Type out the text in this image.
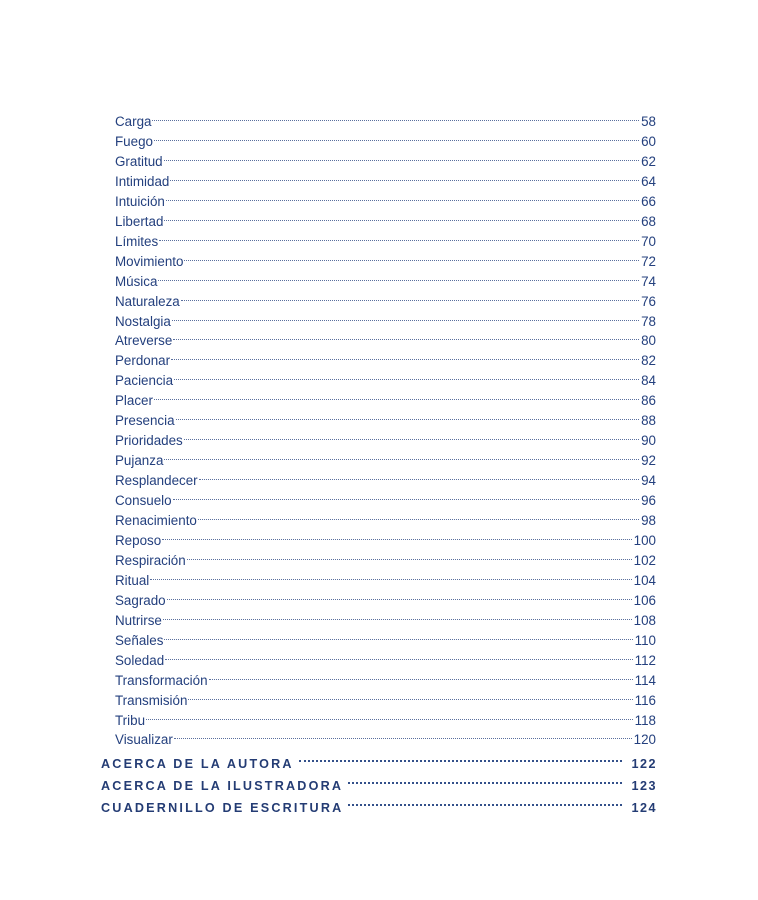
Carga	58
Fuego	60
Gratitud	62
Intimidad	64
Intuición	66
Libertad	68
Límites	70
Movimiento	72
Música	74
Naturaleza	76
Nostalgia	78
Atreverse	80
Perdonar	82
Paciencia	84
Placer	86
Presencia	88
Prioridades	90
Pujanza	92
Resplandecer	94
Consuelo	96
Renacimiento	98
Reposo	100
Respiración	102
Ritual	104
Sagrado	106
Nutrirse	108
Señales	110
Soledad	112
Transformación	114
Transmisión	116
Tribu	118
Visualizar	120
ACERCA DE LA AUTORA	122
ACERCA DE LA ILUSTRADORA	123
CUADERNILLO DE ESCRITURA	124
